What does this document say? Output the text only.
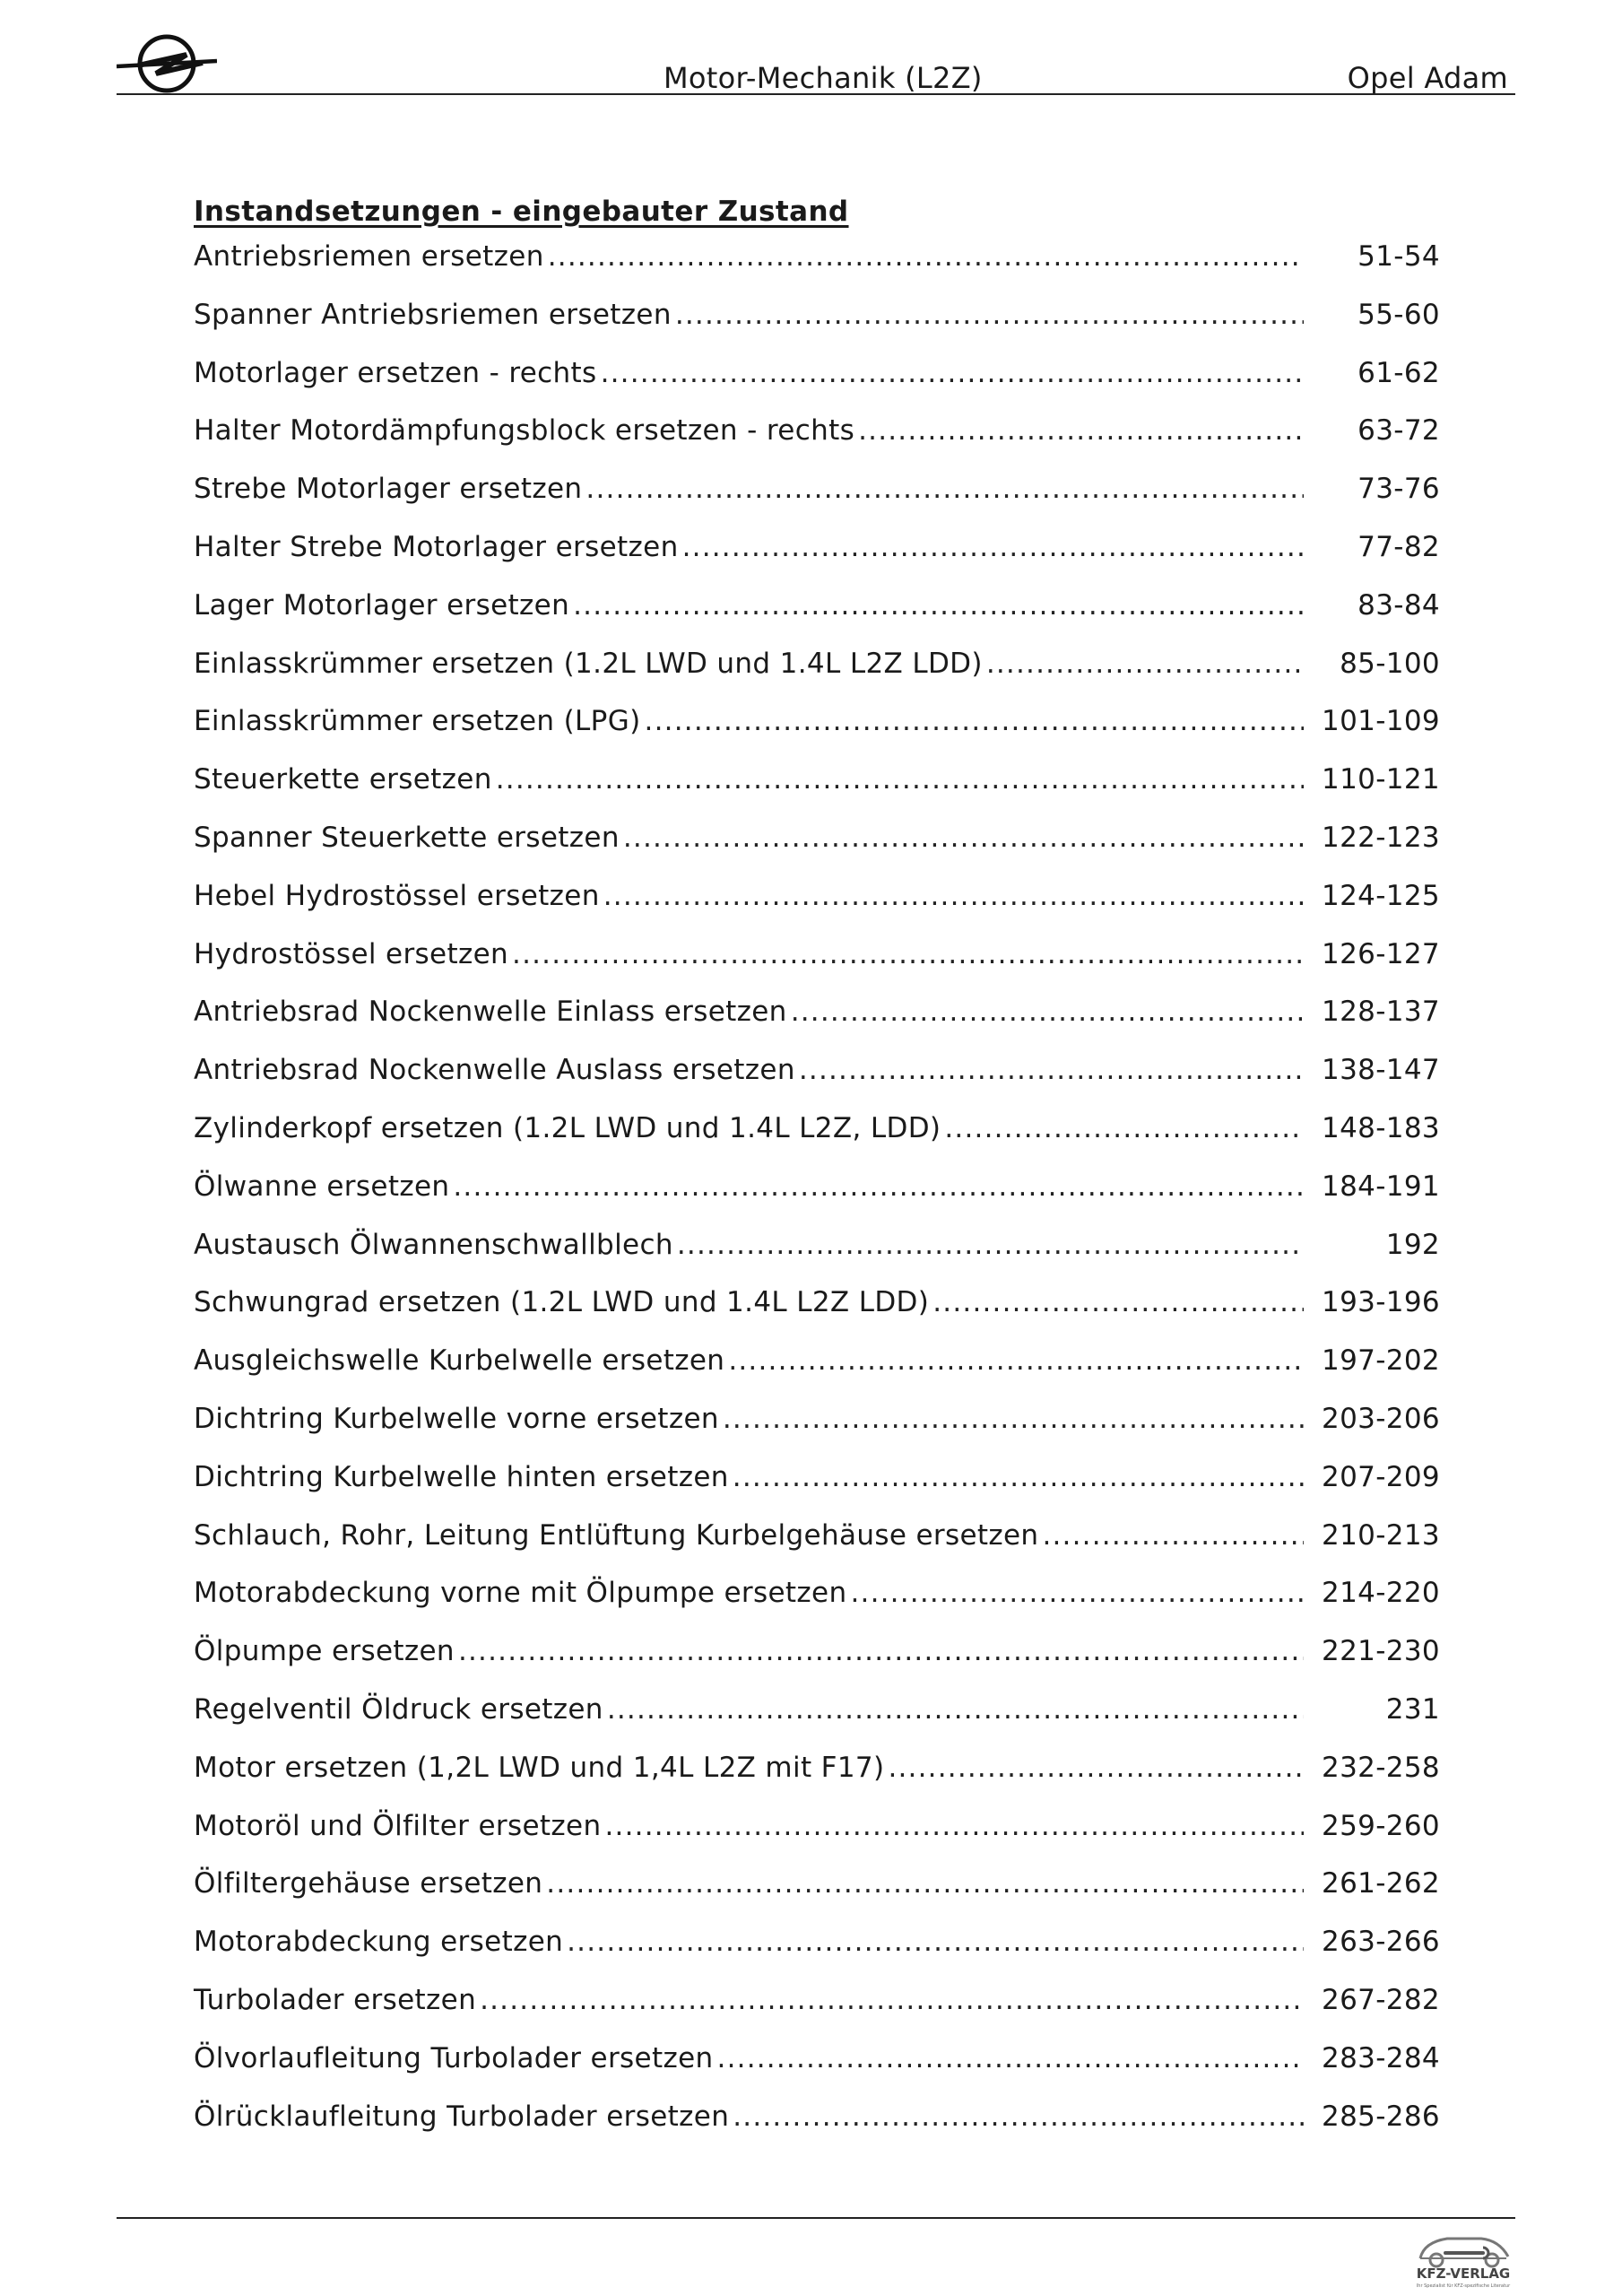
Motor-Mechanik (L2Z)	Opel Adam
Instandsetzungen - eingebauter Zustand
Antriebsriemen ersetzen .....	51-54
Spanner Antriebsriemen ersetzen .....	55-60
Motorlager ersetzen - rechts .....	61-62
Halter Motordämpfungsblock ersetzen - rechts .....	63-72
Strebe Motorlager ersetzen .....	73-76
Halter Strebe Motorlager ersetzen .....	77-82
Lager Motorlager ersetzen .....	83-84
Einlasskrümmer ersetzen (1.2L LWD und 1.4L L2Z LDD) .....	85-100
Einlasskrümmer ersetzen (LPG) .....	101-109
Steuerkette ersetzen .....	110-121
Spanner Steuerkette ersetzen .....	122-123
Hebel Hydrostössel ersetzen .....	124-125
Hydrostössel ersetzen .....	126-127
Antriebsrad Nockenwelle Einlass ersetzen .....	128-137
Antriebsrad Nockenwelle Auslass ersetzen .....	138-147
Zylinderkopf ersetzen (1.2L LWD und 1.4L L2Z, LDD) .....	148-183
Ölwanne ersetzen .....	184-191
Austausch Ölwannenschwallblech .....	192
Schwungrad ersetzen (1.2L LWD und 1.4L L2Z LDD) .....	193-196
Ausgleichswelle Kurbelwelle ersetzen .....	197-202
Dichtring Kurbelwelle vorne ersetzen .....	203-206
Dichtring Kurbelwelle hinten ersetzen .....	207-209
Schlauch, Rohr, Leitung Entlüftung Kurbelgehäuse ersetzen .....	210-213
Motorabdeckung vorne mit Ölpumpe ersetzen .....	214-220
Ölpumpe ersetzen .....	221-230
Regelventil Öldruck ersetzen .....	231
Motor ersetzen (1,2L LWD und 1,4L L2Z mit F17) .....	232-258
Motoröl und Ölfilter ersetzen .....	259-260
Ölfiltergehäuse ersetzen .....	261-262
Motorabdeckung ersetzen .....	263-266
Turbolader ersetzen .....	267-282
Ölvorlaufleitung Turbolader ersetzen .....	283-284
Ölrücklaufleitung Turbolader ersetzen .....	285-286
KFZ-VERLAG
Ihr Spezialist für KFZ-spezifische Literatur
